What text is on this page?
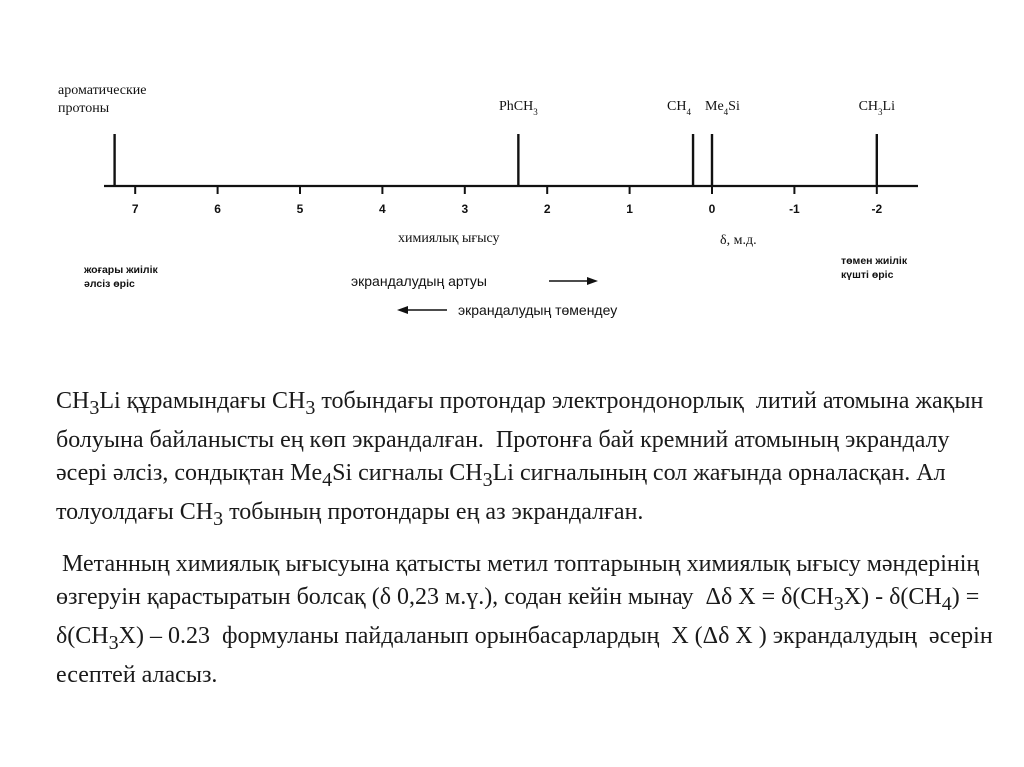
7	6	5	4	3	2	1	0	-1	-2
ароматические
протоны	PhCH$_3$	$CH_4$ $Me_4Si$	$CH_3Li$
химиялық ығысу	δ, м.д.
жоғары жиілік
әлсіз өріс
төмен жиілік
күшті өріс
экрандалудың артуы
экрандалудың төмендеу
$CH_3Li$ құрамындағы $CH_3$ тобындағы протондар электрондонорлық  литий атомына жақын болуына байланысты ең көп экрандалған.  Протонға бай кремний атомының экрандалу әсері әлсіз, сондықтан $Me_4Si$ сигналы $CH_3Li$ сигналының сол жағында орналасқан. Ал толуолдағы $CH_3$ тобының протондары ең аз экрандалған.
Метанның химиялық ығысуына қатысты метил топтарының химиялық ығысу мәндерінің өзгеруін қарастыратын болсақ (δ 0,23 м.ү.), содан кейін мынау  Δδ $X = \delta(CH_3X) - \delta(CH_4) = \delta(CH_3X) - 0.23$  формуланы пайдаланып орынбасарлардың  X (Δδ X ) экрандалудың  әсерін есептей аласыз.
